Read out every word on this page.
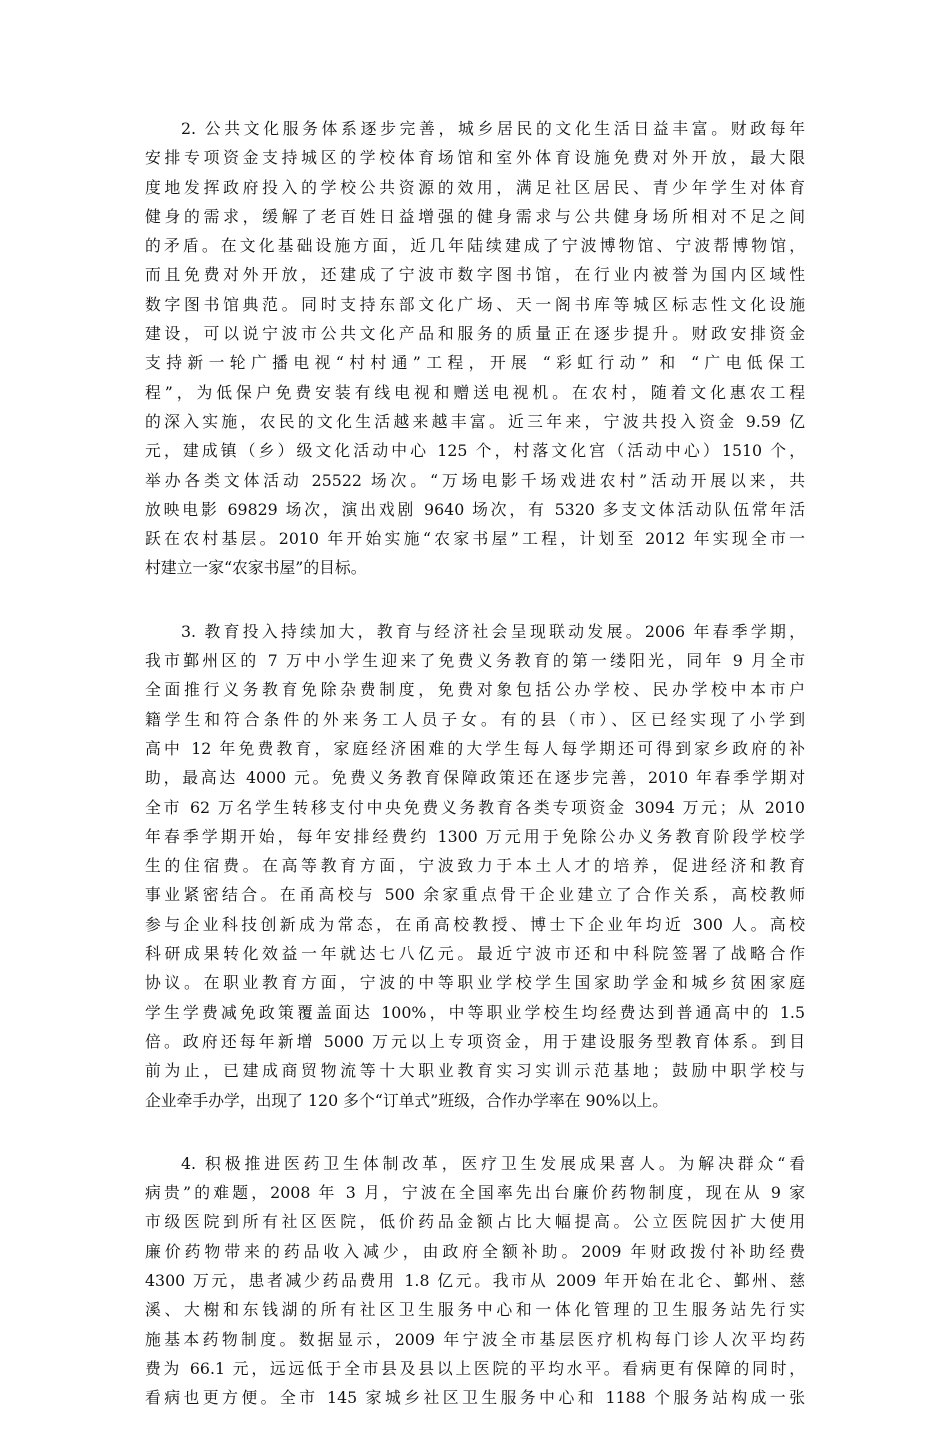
2. 公共文化服务体系逐步完善，城乡居民的文化生活日益丰富。财政每年
安排专项资金支持城区的学校体育场馆和室外体育设施免费对外开放，最大限
度地发挥政府投入的学校公共资源的效用，满足社区居民、青少年学生对体育
健身的需求，缓解了老百姓日益增强的健身需求与公共健身场所相对不足之间
的矛盾。在文化基础设施方面，近几年陆续建成了宁波博物馆、宁波帮博物馆，
而且免费对外开放，还建成了宁波市数字图书馆，在行业内被誉为国内区域性
数字图书馆典范。同时支持东部文化广场、天一阁书库等城区标志性文化设施
建设，可以说宁波市公共文化产品和服务的质量正在逐步提升。财政安排资金
支持新一轮广播电视“村村通”工程，开展 “彩虹行动” 和 “广电低保工
程”，为低保户免费安装有线电视和赠送电视机。在农村，随着文化惠农工程
的深入实施，农民的文化生活越来越丰富。近三年来，宁波共投入资金 9.59 亿
元，建成镇（乡）级文化活动中心 125 个，村落文化宫（活动中心）1510 个，
举办各类文体活动 25522 场次。“万场电影千场戏进农村”活动开展以来，共
放映电影 69829 场次，演出戏剧 9640 场次，有 5320 多支文体活动队伍常年活
跃在农村基层。2010 年开始实施“农家书屋”工程，计划至 2012 年实现全市一
村建立一家“农家书屋”的目标。
3. 教育投入持续加大，教育与经济社会呈现联动发展。2006 年春季学期，
我市鄞州区的 7 万中小学生迎来了免费义务教育的第一缕阳光，同年 9 月全市
全面推行义务教育免除杂费制度，免费对象包括公办学校、民办学校中本市户
籍学生和符合条件的外来务工人员子女。有的县（市）、区已经实现了小学到
高中 12 年免费教育，家庭经济困难的大学生每人每学期还可得到家乡政府的补
助，最高达 4000 元。免费义务教育保障政策还在逐步完善，2010 年春季学期对
全市 62 万名学生转移支付中央免费义务教育各类专项资金 3094 万元；从 2010
年春季学期开始，每年安排经费约 1300 万元用于免除公办义务教育阶段学校学
生的住宿费。在高等教育方面，宁波致力于本土人才的培养，促进经济和教育
事业紧密结合。在甬高校与 500 余家重点骨干企业建立了合作关系，高校教师
参与企业科技创新成为常态，在甬高校教授、博士下企业年均近 300 人。高校
科研成果转化效益一年就达七八亿元。最近宁波市还和中科院签署了战略合作
协议。在职业教育方面，宁波的中等职业学校学生国家助学金和城乡贫困家庭
学生学费减免政策覆盖面达 100%，中等职业学校生均经费达到普通高中的 1.5
倍。政府还每年新增 5000 万元以上专项资金，用于建设服务型教育体系。到目
前为止，已建成商贸物流等十大职业教育实习实训示范基地；鼓励中职学校与
企业牵手办学，出现了 120 多个“订单式”班级，合作办学率在 90%以上。
4. 积极推进医药卫生体制改革，医疗卫生发展成果喜人。为解决群众“看
病贵”的难题，2008 年 3 月，宁波在全国率先出台廉价药物制度，现在从 9 家
市级医院到所有社区医院，低价药品金额占比大幅提高。公立医院因扩大使用
廉价药物带来的药品收入减少，由政府全额补助。2009 年财政拨付补助经费
4300 万元，患者减少药品费用 1.8 亿元。我市从 2009 年开始在北仑、鄞州、慈
溪、大榭和东钱湖的所有社区卫生服务中心和一体化管理的卫生服务站先行实
施基本药物制度。数据显示，2009 年宁波全市基层医疗机构每门诊人次平均药
费为 66.1 元，远远低于全市县及县以上医院的平均水平。看病更有保障的同时，
看病也更方便。全市 145 家城乡社区卫生服务中心和 1188 个服务站构成一张
